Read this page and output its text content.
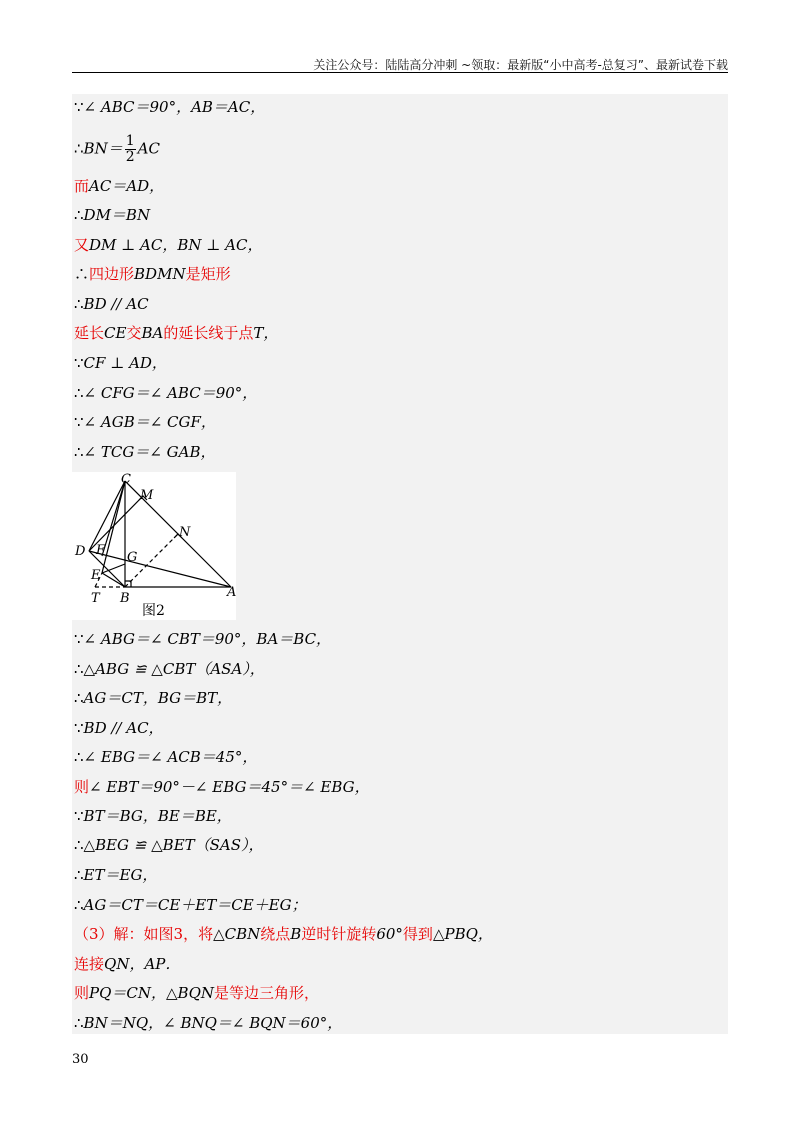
关注公众号：陆陆高分冲刺 ~领取：最新版“小中高考-总复习”、最新试卷下载
∵∠ ABC＝90°，AB＝AC，
∴BN＝ $\frac{1}{2}$ AC
而AC＝AD，
∴DM＝BN
又DM ⊥ AC，BN ⊥ AC，
∴四边形BDMN是矩形
∴BD // AC
延长CE交BA的延长线于点T，
∵CF ⊥ AD，
∴∠ CFG＝∠ ABC＝90°，
∵∠ AGB＝∠ CGF，
∴∠ TCG＝∠ GAB，
∵∠ ABG＝∠ CBT＝90°，BA＝BC，
∴△ABG ≌ △CBT（ASA），
∴AG＝CT，BG＝BT，
∵BD // AC，
∴∠ EBG＝∠ ACB＝45°，
则∠ EBT＝90°－∠ EBG＝45°＝∠ EBG，
∵BT＝BG，BE＝BE，
∴△BEG ≌ △BET（SAS），
∴ET＝EG，
∴AG＝CT＝CE＋ET＝CE＋EG；
（3）解：如图3，将△CBN绕点B逆时针旋转60°得到△PBQ，
连接QN，AP．
则PQ＝CN，△BQN是等边三角形，
∴BN＝NQ，∠ BNQ＝∠ BQN＝60°，
C
M
N
D F G
E
T B	A
图2
30
